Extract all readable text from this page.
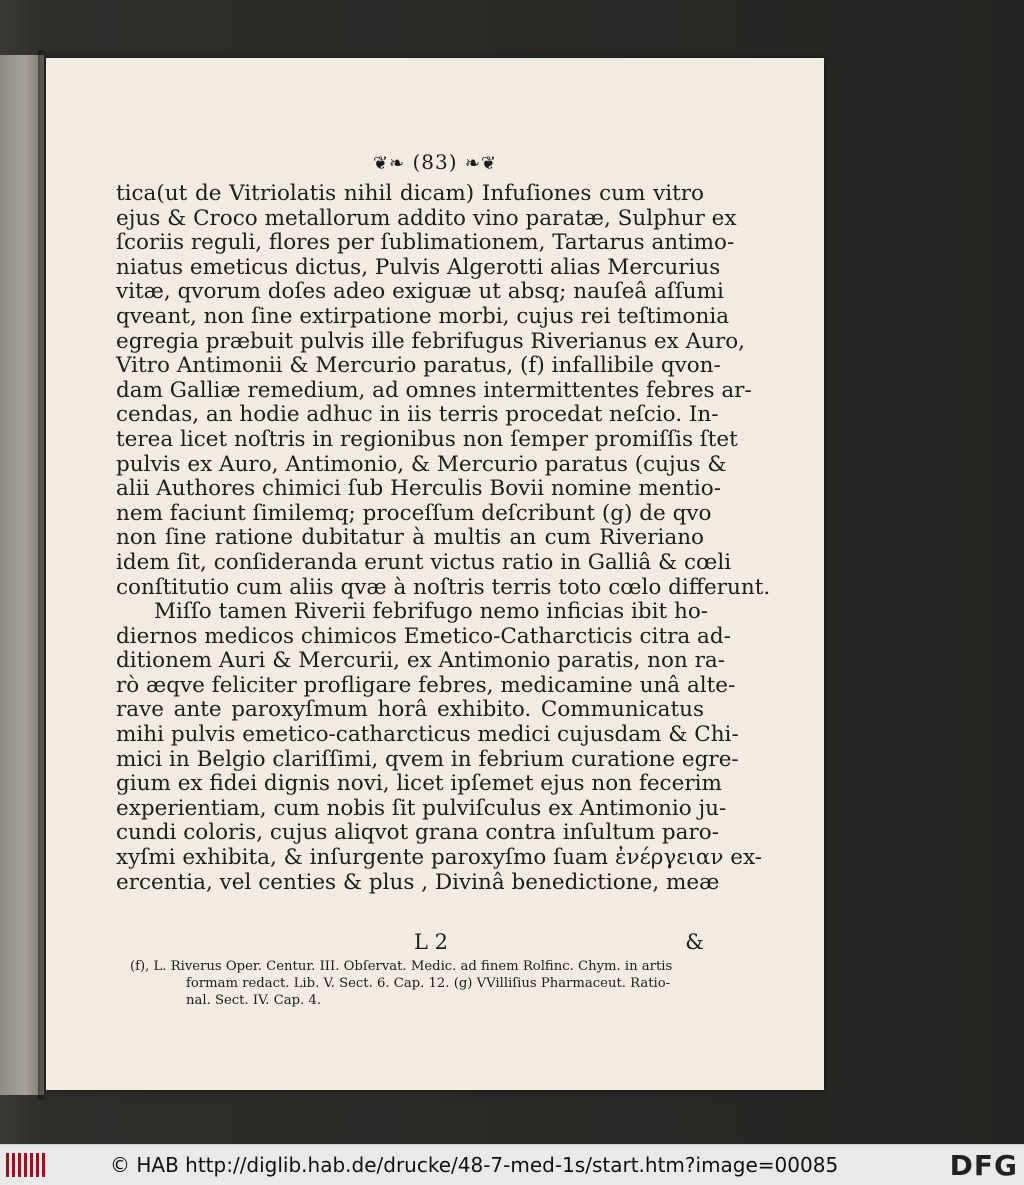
❦❧ (83) ❧❦
tica(ut de Vitriolatis nihil dicam) Infuſiones cum vitro
ejus & Croco metallorum addito vino paratæ, Sulphur ex
ſcoriis reguli, flores per ſublimationem, Tartarus antimo-
niatus emeticus dictus, Pulvis Algerotti alias Mercurius
vitæ, qvorum doſes adeo exiguæ ut absq; nauſeâ aſſumi
qveant, non ſine extirpatione morbi, cujus rei teſtimonia
egregia præbuit pulvis ille febrifugus Riverianus ex Auro,
Vitro Antimonii & Mercurio paratus, (f) infallibile qvon-
dam Galliæ remedium, ad omnes intermittentes febres ar-
cendas, an hodie adhuc in iis terris procedat neſcio. In-
terea licet noſtris in regionibus non ſemper promiſſis ſtet
pulvis ex Auro, Antimonio, & Mercurio paratus (cujus &
alii Authores chimici ſub Herculis Bovii nomine mentio-
nem faciunt ſimilemq; proceſſum deſcribunt (g) de qvo
non ſine ratione dubitatur à multis an cum Riveriano
idem ſit, conſideranda erunt victus ratio in Galliâ & cœli
conſtitutio cum aliis qvæ à noſtris terris toto cœlo differunt.
Miſſo tamen Riverii febrifugo nemo inficias ibit ho-
diernos medicos chimicos Emetico-Catharcticis citra ad-
ditionem Auri & Mercurii, ex Antimonio paratis, non ra-
rò æqve feliciter profligare febres, medicamine unâ alte-
rave ante paroxyſmum horâ exhibito. Communicatus
mihi pulvis emetico-catharcticus medici cujusdam & Chi-
mici in Belgio clariſſimi, qvem in febrium curatione egre-
gium ex fidei dignis novi, licet ipſemet ejus non fecerim
experientiam, cum nobis ſit pulviſculus ex Antimonio ju-
cundi coloris, cujus aliqvot grana contra inſultum paro-
xyſmi exhibita, & inſurgente paroxyſmo ſuam ἐνέργειαν ex-
ercentia, vel centies & plus , Divinâ benedictione, meæ
L 2	&
(f), L. Riverus Oper. Centur. III. Obſervat. Medic. ad finem Rolfinc. Chym. in artis
formam redact. Lib. V. Sect. 6. Cap. 12. (g) VVilliſius Pharmaceut. Ratio-
nal. Sect. IV. Cap. 4.
© HAB http://diglib.hab.de/drucke/48-7-med-1s/start.htm?image=00085	DFG
